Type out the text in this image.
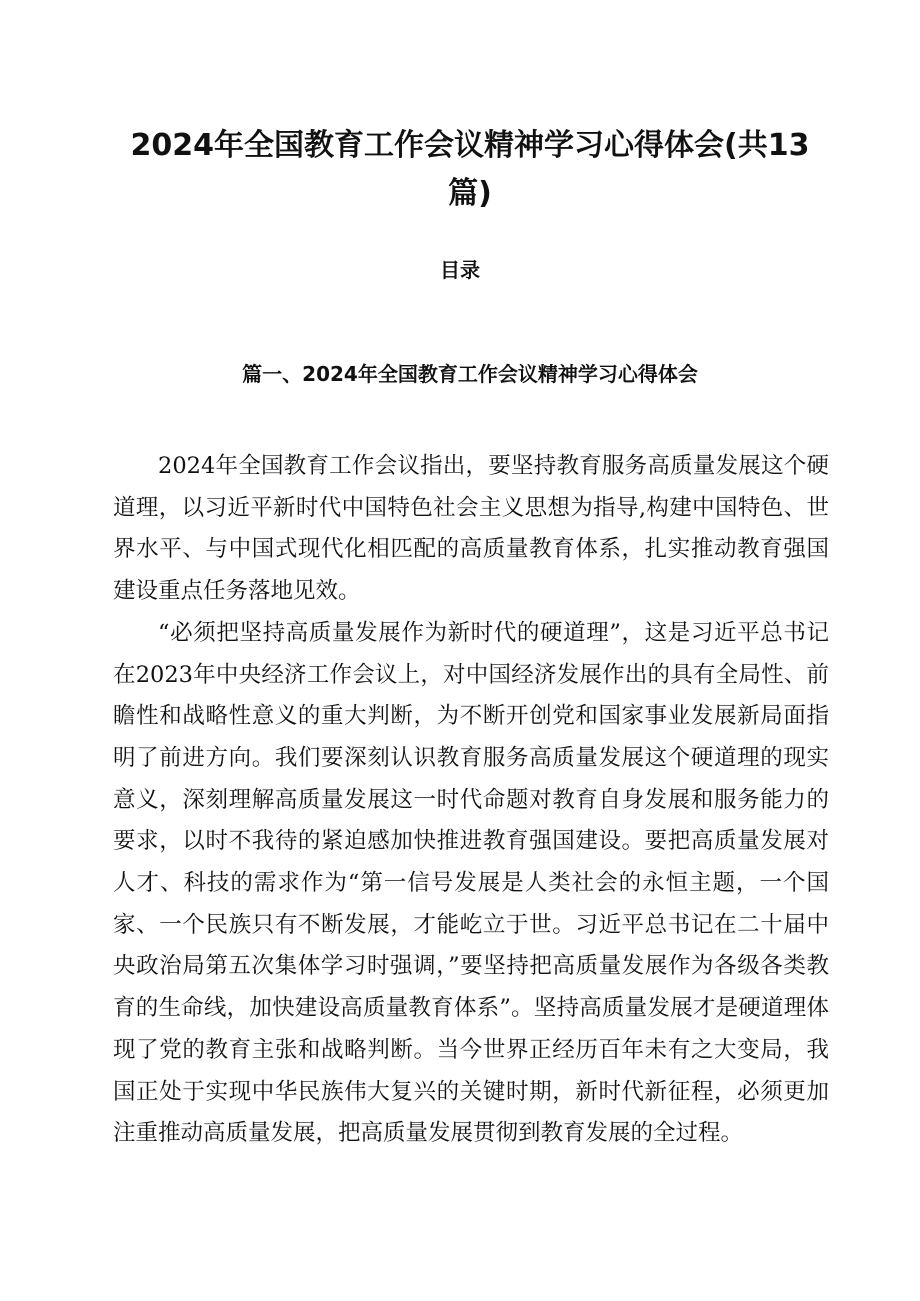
2024年全国教育工作会议精神学习心得体会(共13篇)
目录
篇一、2024年全国教育工作会议精神学习心得体会

2024年全国教育工作会议指出，要坚持教育服务高质量发展这个硬道理，以习近平新时代中国特色社会主义思想为指导,构建中国特色、世界水平、与中国式现代化相匹配的高质量教育体系，扎实推动教育强国建设重点任务落地见效。

“必须把坚持高质量发展作为新时代的硬道理”，这是习近平总书记在2023年中央经济工作会议上，对中国经济发展作出的具有全局性、前瞻性和战略性意义的重大判断，为不断开创党和国家事业发展新局面指明了前进方向。我们要深刻认识教育服务高质量发展这个硬道理的现实意义，深刻理解高质量发展这一时代命题对教育自身发展和服务能力的要求，以时不我待的紧迫感加快推进教育强国建设。要把高质量发展对人才、科技的需求作为“第一信号发展是人类社会的永恒主题，一个国家、一个民族只有不断发展，才能屹立于世。习近平总书记在二十届中央政治局第五次集体学习时强调，”要坚持把高质量发展作为各级各类教育的生命线，加快建设高质量教育体系”。坚持高质量发展才是硬道理体现了党的教育主张和战略判断。当今世界正经历百年未有之大变局，我国正处于实现中华民族伟大复兴的关键时期，新时代新征程，必须更加注重推动高质量发展，把高质量发展贯彻到教育发展的全过程。
